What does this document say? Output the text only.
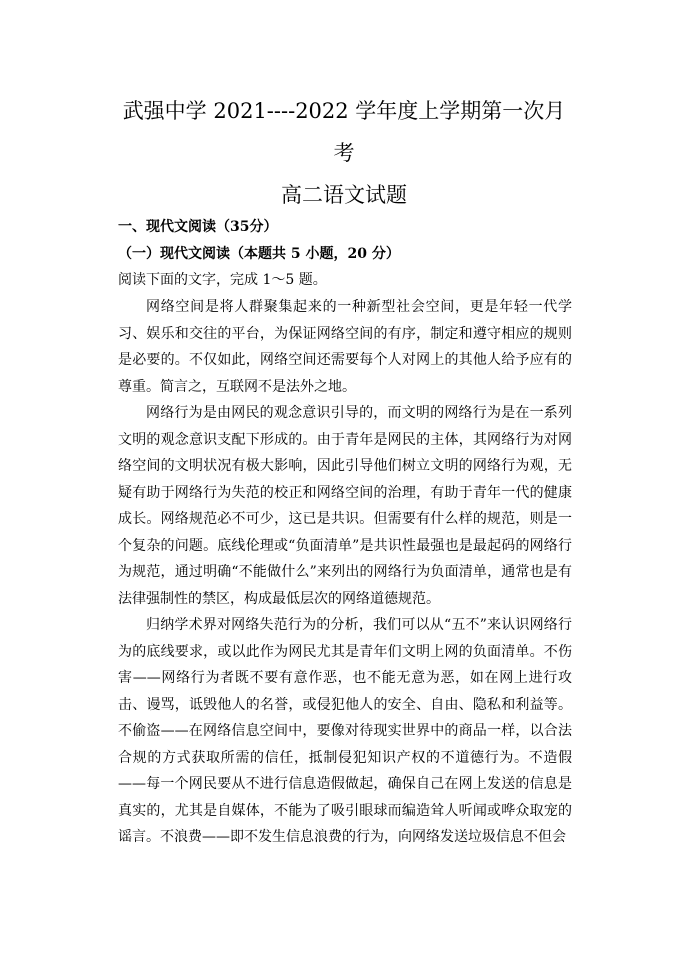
武强中学 2021----2022 学年度上学期第一次月
考
高二语文试题
一、现代文阅读（35分）
（一）现代文阅读（本题共 5 小题，20 分）
阅读下面的文字，完成 1～5 题。

网络空间是将人群聚集起来的一种新型社会空间，更是年轻一代学习、娱乐和交往的平台，为保证网络空间的有序，制定和遵守相应的规则是必要的。不仅如此，网络空间还需要每个人对网上的其他人给予应有的尊重。简言之，互联网不是法外之地。

网络行为是由网民的观念意识引导的，而文明的网络行为是在一系列文明的观念意识支配下形成的。由于青年是网民的主体，其网络行为对网络空间的文明状况有极大影响，因此引导他们树立文明的网络行为观，无疑有助于网络行为失范的校正和网络空间的治理，有助于青年一代的健康成长。网络规范必不可少，这已是共识。但需要有什么样的规范，则是一个复杂的问题。底线伦理或“负面清单”是共识性最强也是最起码的网络行为规范，通过明确“不能做什么”来列出的网络行为负面清单，通常也是有法律强制性的禁区，构成最低层次的网络道德规范。

归纳学术界对网络失范行为的分析，我们可以从“五不”来认识网络行为的底线要求，或以此作为网民尤其是青年们文明上网的负面清单。不伤害——网络行为者既不要有意作恶，也不能无意为恶，如在网上进行攻击、谩骂，诋毁他人的名誉，或侵犯他人的安全、自由、隐私和利益等。不偷盗——在网络信息空间中，要像对待现实世界中的商品一样，以合法合规的方式获取所需的信任，抵制侵犯知识产权的不道德行为。不造假——每一个网民要从不进行信息造假做起，确保自己在网上发送的信息是真实的，尤其是自媒体，不能为了吸引眼球而编造耸人听闻或哗众取宠的谣言。不浪费——即不发生信息浪费的行为，向网络发送垃圾信息不但会
